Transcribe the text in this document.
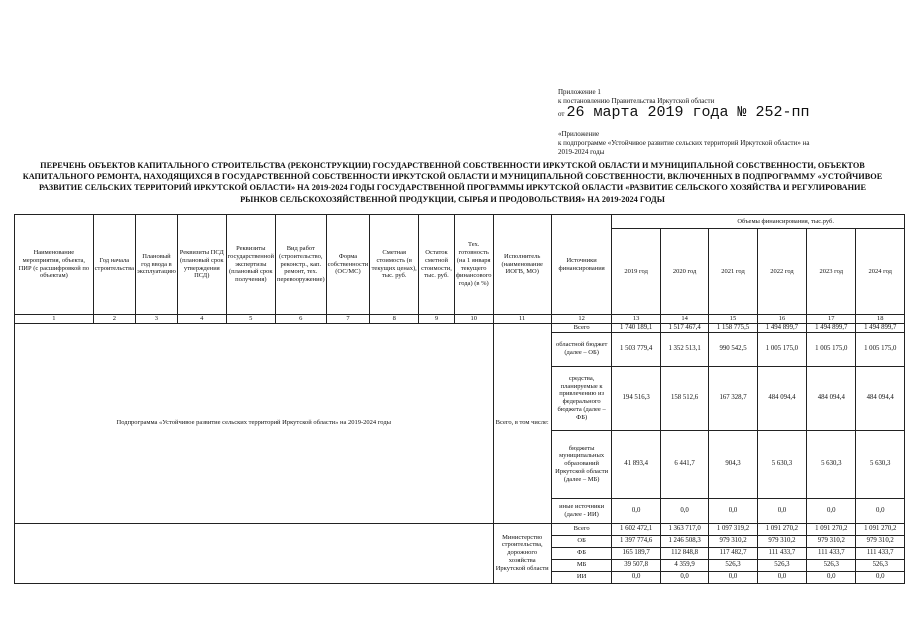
Приложение 1
к постановлению Правительства Иркутской области
от 26 марта 2019 года № 252-пп
«Приложение
к подпрограмме «Устойчивое развитие сельских территорий Иркутской области» на
2019-2024 годы
ПЕРЕЧЕНЬ ОБЪЕКТОВ КАПИТАЛЬНОГО СТРОИТЕЛЬСТВА (РЕКОНСТРУКЦИИ) ГОСУДАРСТВЕННОЙ СОБСТВЕННОСТИ ИРКУТСКОЙ ОБЛАСТИ И МУНИЦИПАЛЬНОЙ СОБСТВЕННОСТИ, ОБЪЕКТОВ КАПИТАЛЬНОГО РЕМОНТА, НАХОДЯЩИХСЯ В ГОСУДАРСТВЕННОЙ СОБСТВЕННОСТИ ИРКУТСКОЙ ОБЛАСТИ И МУНИЦИПАЛЬНОЙ СОБСТВЕННОСТИ, ВКЛЮЧЕННЫХ В ПОДПРОГРАММУ «УСТОЙЧИВОЕ РАЗВИТИЕ СЕЛЬСКИХ ТЕРРИТОРИЙ ИРКУТСКОЙ ОБЛАСТИ» НА 2019-2024 ГОДЫ ГОСУДАРСТВЕННОЙ ПРОГРАММЫ ИРКУТСКОЙ ОБЛАСТИ «РАЗВИТИЕ СЕЛЬСКОГО ХОЗЯЙСТВА И РЕГУЛИРОВАНИЕ РЫНКОВ СЕЛЬСКОХОЗЯЙСТВЕННОЙ ПРОДУКЦИИ, СЫРЬЯ И ПРОДОВОЛЬСТВИЯ» НА 2019-2024 ГОДЫ
Наименование мероприятия, объекта, ПИР (с расшифровкой по объектам)	Год начала строительства	Плановый год ввода в эксплуатацию	Реквизиты ПСД (плановый срок утверждения ПСД)	Реквизиты государственной экспертизы (плановый срок получения)	Вид работ (строительство, реконстр., кап. ремонт, тех. перевооружение)	Форма собственности (ОС/МС)	Сметная стоимость (в текущих ценах), тыс. руб.	Остаток сметной стоимости, тыс. руб.	Тех. готовность (на 1 января текущего финансового года) (в %)	Исполнитель (наименование ИОГВ, МО)	Источники финансирования	Объемы финансирования, тыс.руб.					
												2019 год	2020 год	2021 год	2022 год	2023 год	2024 год
1	2	3	4	5	6	7	8	9	10	11	12	13	14	15	16	17	18
Подпрограмма «Устойчивое развитие сельских территорий Иркутской области» на 2019-2024 годы										Всего, в том числе:	Всего	1 740 189,1	1 517 467,4	1 158 775,5	1 494 899,7	1 494 899,7	1 494 899,7
											областной бюджет (далее – ОБ)	1 503 779,4	1 352 513,1	990 542,5	1 005 175,0	1 005 175,0	1 005 175,0
											средства, планируемые к привлечению из федерального бюджета (далее – ФБ)	194 516,3	158 512,6	167 328,7	484 094,4	484 094,4	484 094,4
											бюджеты муниципальных образований Иркутской области (далее – МБ)	41 893,4	6 441,7	904,3	5 630,3	5 630,3	5 630,3
											иные источники (далее - ИИ)	0,0	0,0	0,0	0,0	0,0	0,0
										Министерство строительства, дорожного хозяйства Иркутской области	Всего	1 602 472,1	1 363 717,0	1 097 319,2	1 091 270,2	1 091 270,2	1 091 270,2
											ОБ	1 397 774,6	1 246 508,3	979 310,2	979 310,2	979 310,2	979 310,2
											ФБ	165 189,7	112 848,8	117 482,7	111 433,7	111 433,7	111 433,7
											МБ	39 507,8	4 359,9	526,3	526,3	526,3	526,3
											ИИ	0,0	0,0	0,0	0,0	0,0	0,0
